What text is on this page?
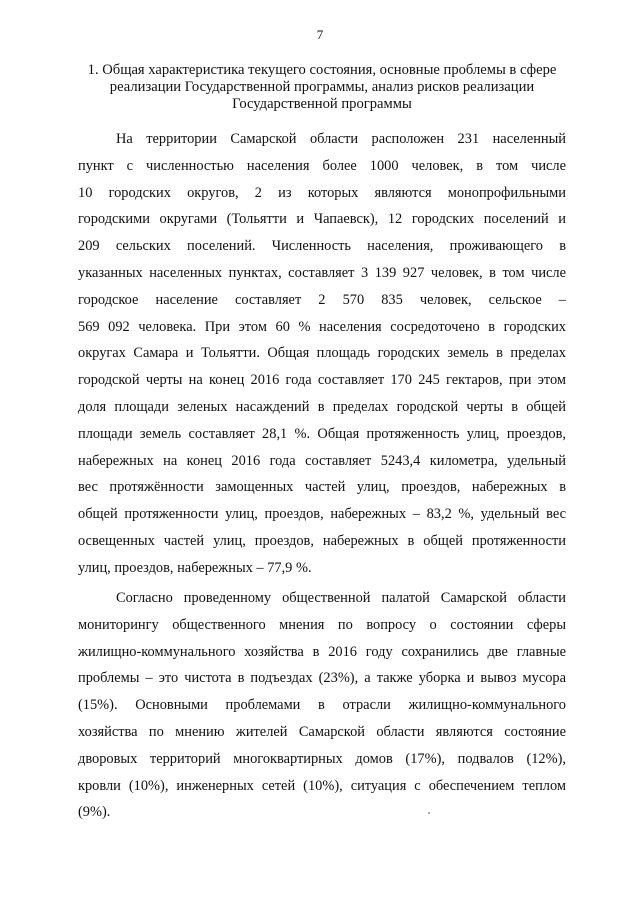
7
1. Общая характеристика текущего состояния, основные проблемы в сфере
реализации Государственной программы, анализ рисков реализации
Государственной программы
На территории Самарской области расположен 231 населенный
пункт с численностью населения более 1000 человек, в том числе
10 городских округов, 2 из которых являются монопрофильными
городскими округами (Тольятти и Чапаевск), 12 городских поселений и
209 сельских поселений. Численность населения, проживающего в
указанных населенных пунктах, составляет 3 139 927 человек, в том числе
городское население составляет 2 570 835 человек, сельское –
569 092 человека. При этом 60 % населения сосредоточено в городских
округах Самара и Тольятти. Общая площадь городских земель в пределах
городской черты на конец 2016 года составляет 170 245 гектаров, при этом
доля площади зеленых насаждений в пределах городской черты в общей
площади земель составляет 28,1 %. Общая протяженность улиц, проездов,
набережных на конец 2016 года составляет 5243,4 километра, удельный
вес протяжённости замощенных частей улиц, проездов, набережных в
общей протяженности улиц, проездов, набережных – 83,2 %, удельный вес
освещенных частей улиц, проездов, набережных в общей протяженности
улиц, проездов, набережных – 77,9 %.
Согласно проведенному общественной палатой Самарской области
мониторингу общественного мнения по вопросу о состоянии сферы
жилищно-коммунального хозяйства в 2016 году сохранились две главные
проблемы – это чистота в подъездах (23%), а также уборка и вывоз мусора
(15%). Основными проблемами в отрасли жилищно-коммунального
хозяйства по мнению жителей Самарской области являются состояние
дворовых территорий многоквартирных домов (17%), подвалов (12%),
кровли (10%), инженерных сетей (10%), ситуация с обеспечением теплом
(9%).
